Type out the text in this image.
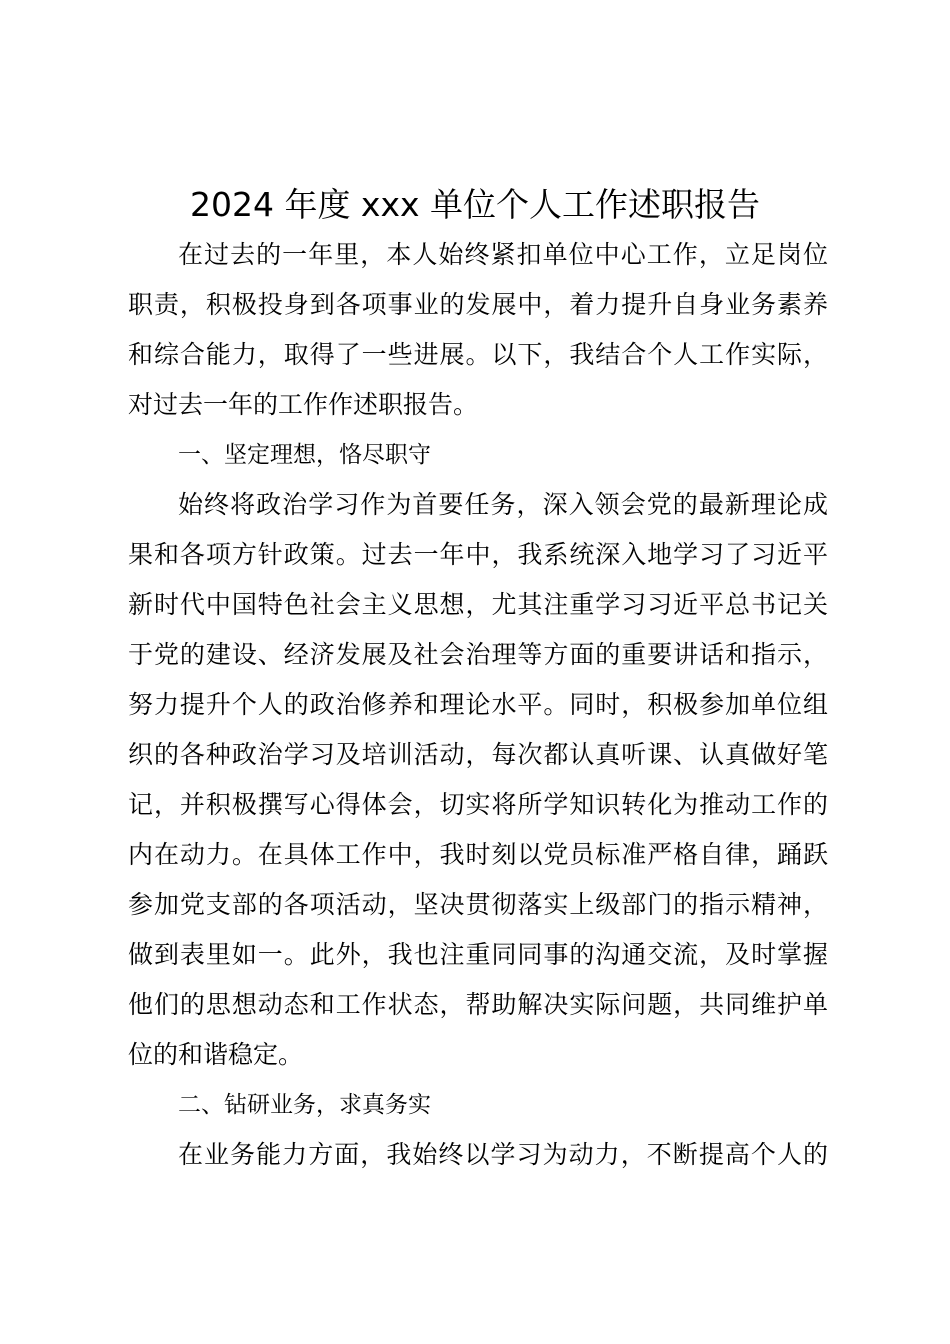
2024 年度 xxx 单位个人工作述职报告
在过去的一年里，本人始终紧扣单位中心工作，立足岗位
职责，积极投身到各项事业的发展中，着力提升自身业务素养
和综合能力，取得了一些进展。以下，我结合个人工作实际，
对过去一年的工作作述职报告。
一、坚定理想，恪尽职守
始终将政治学习作为首要任务，深入领会党的最新理论成
果和各项方针政策。过去一年中，我系统深入地学习了习近平
新时代中国特色社会主义思想，尤其注重学习习近平总书记关
于党的建设、经济发展及社会治理等方面的重要讲话和指示，
努力提升个人的政治修养和理论水平。同时，积极参加单位组
织的各种政治学习及培训活动，每次都认真听课、认真做好笔
记，并积极撰写心得体会，切实将所学知识转化为推动工作的
内在动力。在具体工作中，我时刻以党员标准严格自律，踊跃
参加党支部的各项活动，坚决贯彻落实上级部门的指示精神，
做到表里如一。此外，我也注重同同事的沟通交流，及时掌握
他们的思想动态和工作状态，帮助解决实际问题，共同维护单
位的和谐稳定。
二、钻研业务，求真务实
在业务能力方面，我始终以学习为动力，不断提高个人的
